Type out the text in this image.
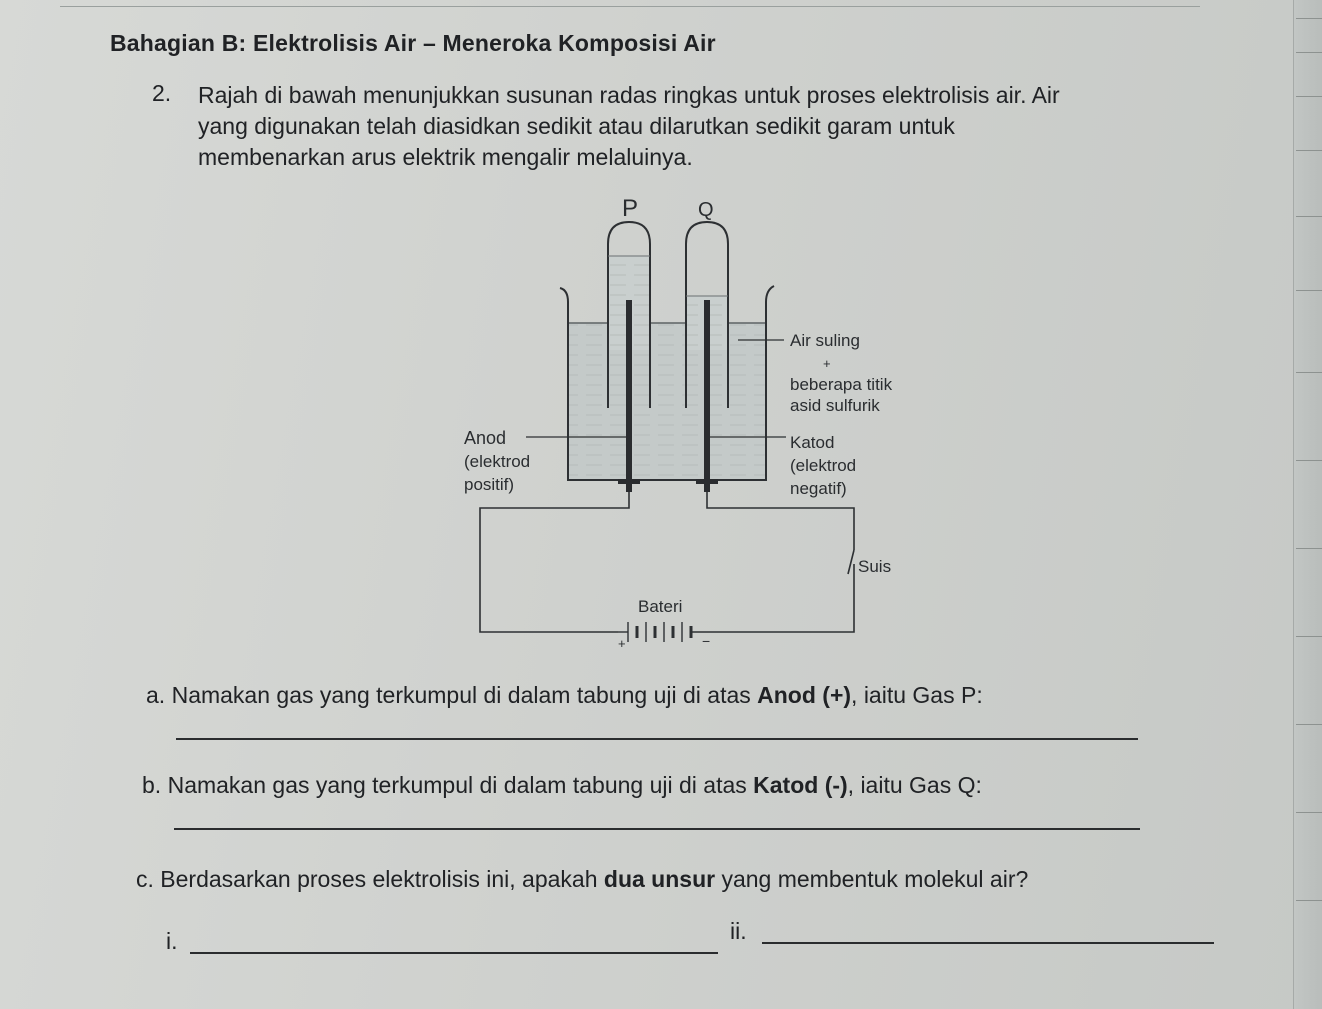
Bahagian B: Elektrolisis Air – Meneroka Komposisi Air
2. Rajah di bawah menunjukkan susunan radas ringkas untuk proses elektrolisis air. Air
yang digunakan telah diasidkan sedikit atau dilarutkan sedikit garam untuk
membenarkan arus elektrik mengalir melaluinya.
Suis
Bateri
+	−
P	Q
Air suling
+
beberapa titik
asid sulfurik
Katod
(elektrod
negatif)
Anod
(elektrod
positif)
a. Namakan gas yang terkumpul di dalam tabung uji di atas Anod (+), iaitu Gas P:
b. Namakan gas yang terkumpul di dalam tabung uji di atas Katod (-), iaitu Gas Q:
c. Berdasarkan proses elektrolisis ini, apakah dua unsur yang membentuk molekul air?
i.	ii.
